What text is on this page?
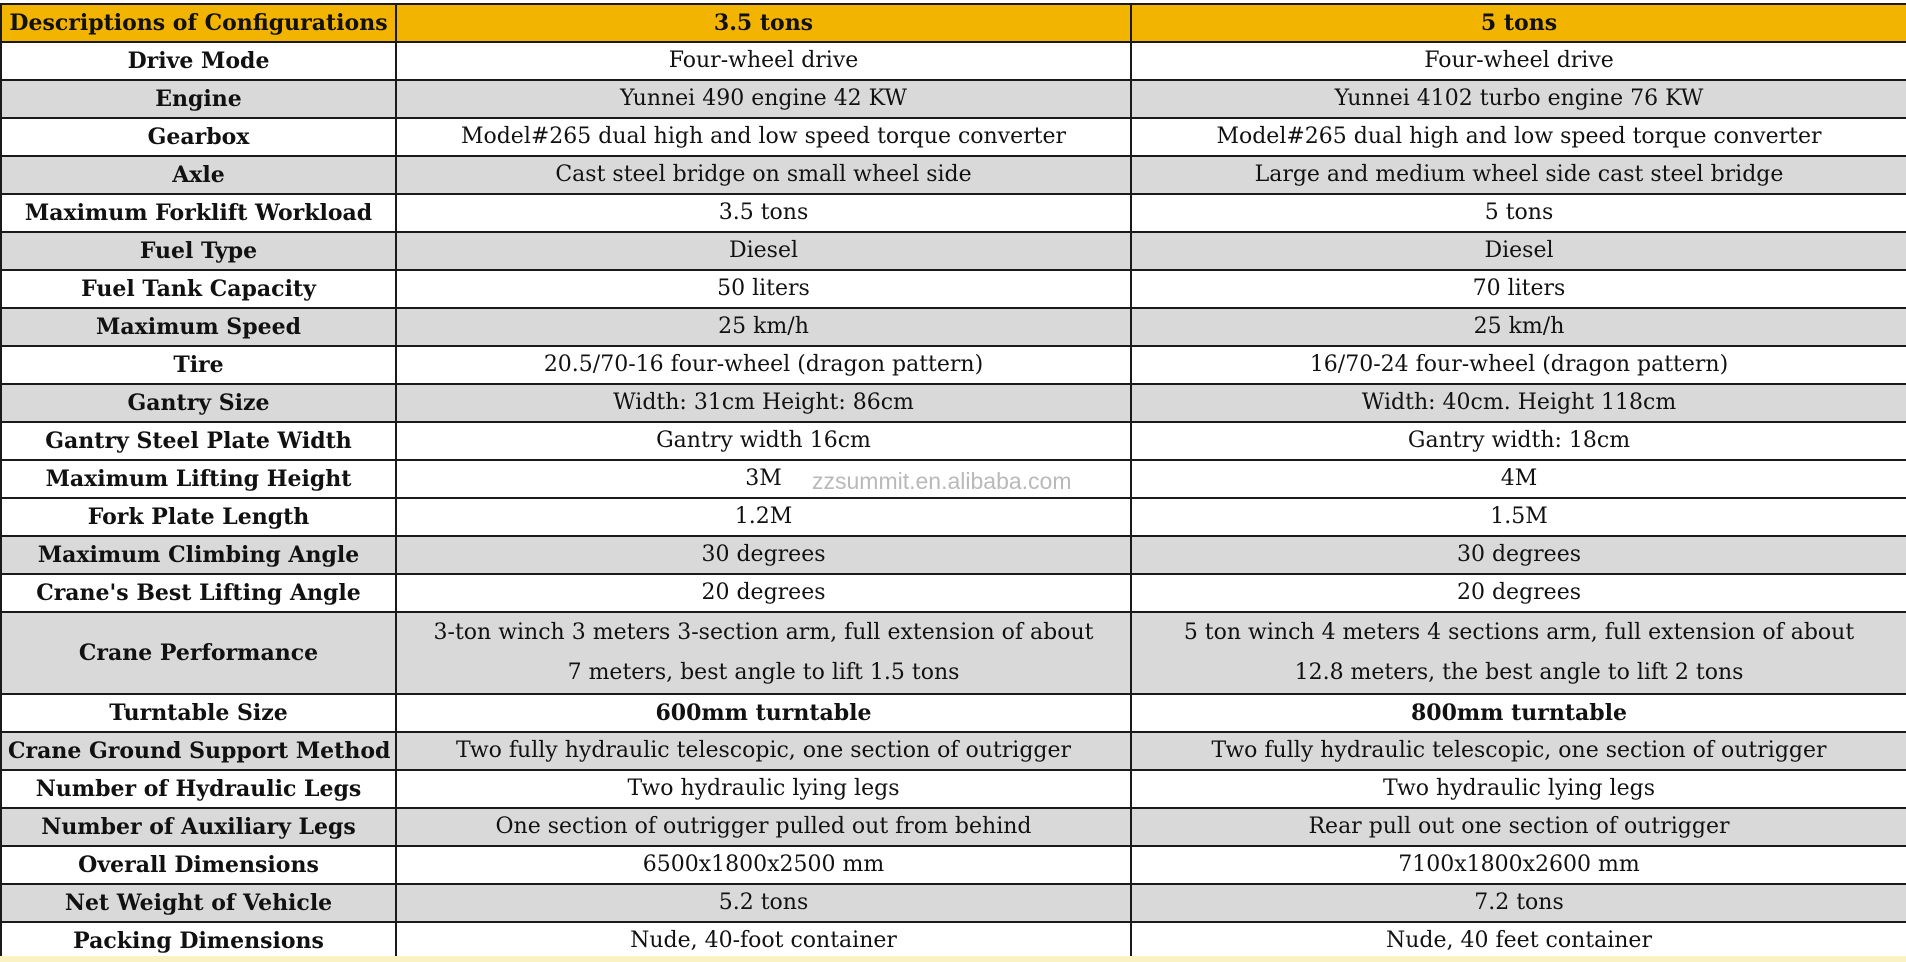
Descriptions of Configurations	3.5 tons	5 tons
Drive Mode	Four-wheel drive	Four-wheel drive
Engine	Yunnei 490 engine 42 KW	Yunnei 4102 turbo engine 76 KW
Gearbox	Model#265 dual high and low speed torque converter	Model#265 dual high and low speed torque converter
Axle	Cast steel bridge on small wheel side	Large and medium wheel side cast steel bridge
Maximum Forklift Workload	3.5 tons	5 tons
Fuel Type	Diesel	Diesel
Fuel Tank Capacity	50 liters	70 liters
Maximum Speed	25 km/h	25 km/h
Tire	20.5/70-16 four-wheel (dragon pattern)	16/70-24 four-wheel (dragon pattern)
Gantry Size	Width: 31cm Height: 86cm	Width: 40cm. Height 118cm
Gantry Steel Plate Width	Gantry width 16cm	Gantry width: 18cm
Maximum Lifting Height	3M	4M
Fork Plate Length	1.2M	1.5M
Maximum Climbing Angle	30 degrees	30 degrees
Crane's Best Lifting Angle	20 degrees	20 degrees
Crane Performance	3-ton winch 3 meters 3-section arm, full extension of about 7 meters, best angle to lift 1.5 tons	5 ton winch 4 meters 4 sections arm, full extension of about 12.8 meters, the best angle to lift 2 tons
Turntable Size	600mm turntable	800mm turntable
Crane Ground Support Method	Two fully hydraulic telescopic, one section of outrigger	Two fully hydraulic telescopic, one section of outrigger
Number of Hydraulic Legs	Two hydraulic lying legs	Two hydraulic lying legs
Number of Auxiliary Legs	One section of outrigger pulled out from behind	Rear pull out one section of outrigger
Overall Dimensions	6500x1800x2500 mm	7100x1800x2600 mm
Net Weight of Vehicle	5.2 tons	7.2 tons
Packing Dimensions	Nude, 40-foot container	Nude, 40 feet container
zzsummit.en.alibaba.com
